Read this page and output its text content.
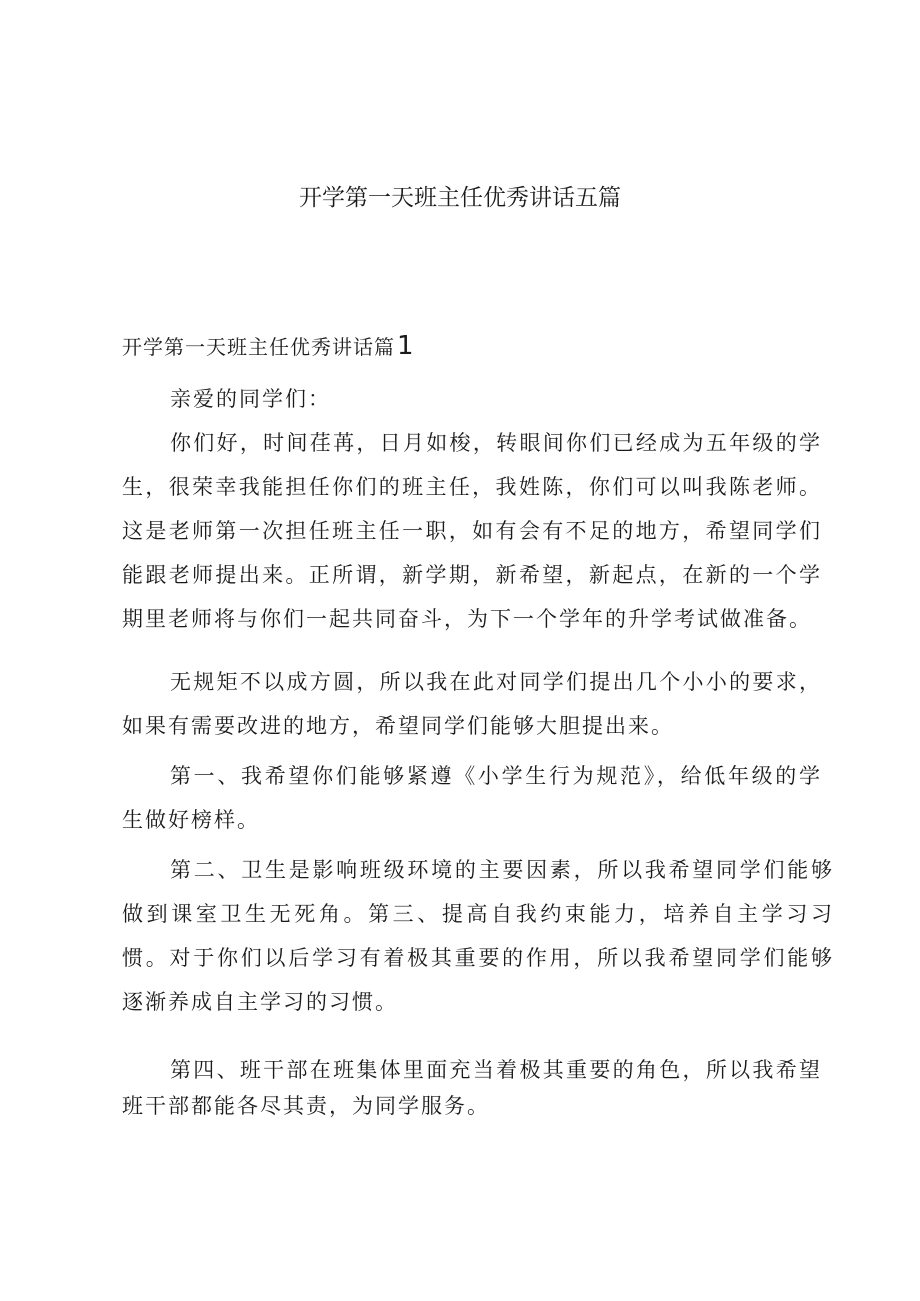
开学第一天班主任优秀讲话五篇
开学第一天班主任优秀讲话篇1

亲爱的同学们：

你们好，时间荏苒，日月如梭，转眼间你们已经成为五年级的学生，很荣幸我能担任你们的班主任，我姓陈，你们可以叫我陈老师。这是老师第一次担任班主任一职，如有会有不足的地方，希望同学们能跟老师提出来。正所谓，新学期，新希望，新起点，在新的一个学期里老师将与你们一起共同奋斗，为下一个学年的升学考试做准备。

无规矩不以成方圆，所以我在此对同学们提出几个小小的要求，如果有需要改进的地方，希望同学们能够大胆提出来。

第一、我希望你们能够紧遵《小学生行为规范》，给低年级的学生做好榜样。

第二、卫生是影响班级环境的主要因素，所以我希望同学们能够做到课室卫生无死角。第三、提高自我约束能力，培养自主学习习惯。对于你们以后学习有着极其重要的作用，所以我希望同学们能够逐渐养成自主学习的习惯。

第四、班干部在班集体里面充当着极其重要的角色，所以我希望班干部都能各尽其责，为同学服务。
